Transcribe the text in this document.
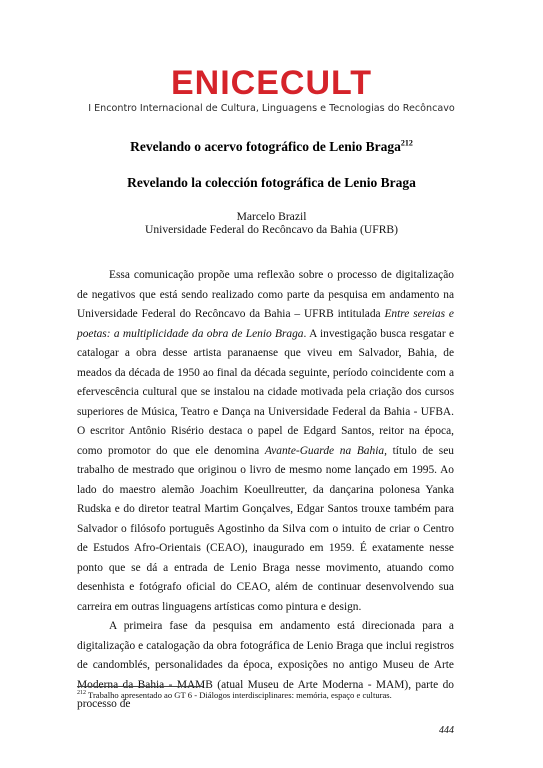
ENICECULT
I Encontro Internacional de Cultura, Linguagens e Tecnologias do Recôncavo
Revelando o acervo fotográfico de Lenio Braga$^{212}$
Revelando la colección fotográfica de Lenio Braga
Marcelo Brazil
Universidade Federal do Recôncavo da Bahia (UFRB)

Essa comunicação propõe uma reflexão sobre o processo de digitalização de negativos que está sendo realizado como parte da pesquisa em andamento na Universidade Federal do Recôncavo da Bahia – UFRB intitulada Entre sereias e poetas: a multiplicidade da obra de Lenio Braga. A investigação busca resgatar e catalogar a obra desse artista paranaense que viveu em Salvador, Bahia, de meados da década de 1950 ao final da década seguinte, período coincidente com a efervescência cultural que se instalou na cidade motivada pela criação dos cursos superiores de Música, Teatro e Dança na Universidade Federal da Bahia - UFBA. O escritor Antônio Risério destaca o papel de Edgard Santos, reitor na época, como promotor do que ele denomina Avante-Guarde na Bahia, título de seu trabalho de mestrado que originou o livro de mesmo nome lançado em 1995. Ao lado do maestro alemão Joachim Koeullreutter, da dançarina polonesa Yanka Rudska e do diretor teatral Martim Gonçalves, Edgar Santos trouxe também para Salvador o filósofo português Agostinho da Silva com o intuito de criar o Centro de Estudos Afro-Orientais (CEAO), inaugurado em 1959. É exatamente nesse ponto que se dá a entrada de Lenio Braga nesse movimento, atuando como desenhista e fotógrafo oficial do CEAO, além de continuar desenvolvendo sua carreira em outras linguagens artísticas como pintura e design.

A primeira fase da pesquisa em andamento está direcionada para a digitalização e catalogação da obra fotográfica de Lenio Braga que inclui registros de candomblés, personalidades da época, exposições no antigo Museu de Arte Moderna da Bahia - MAMB (atual Museu de Arte Moderna - MAM), parte do processo de

$^{212}$ Trabalho apresentado ao GT 6 - Diálogos interdisciplinares: memória, espaço e culturas.
444
